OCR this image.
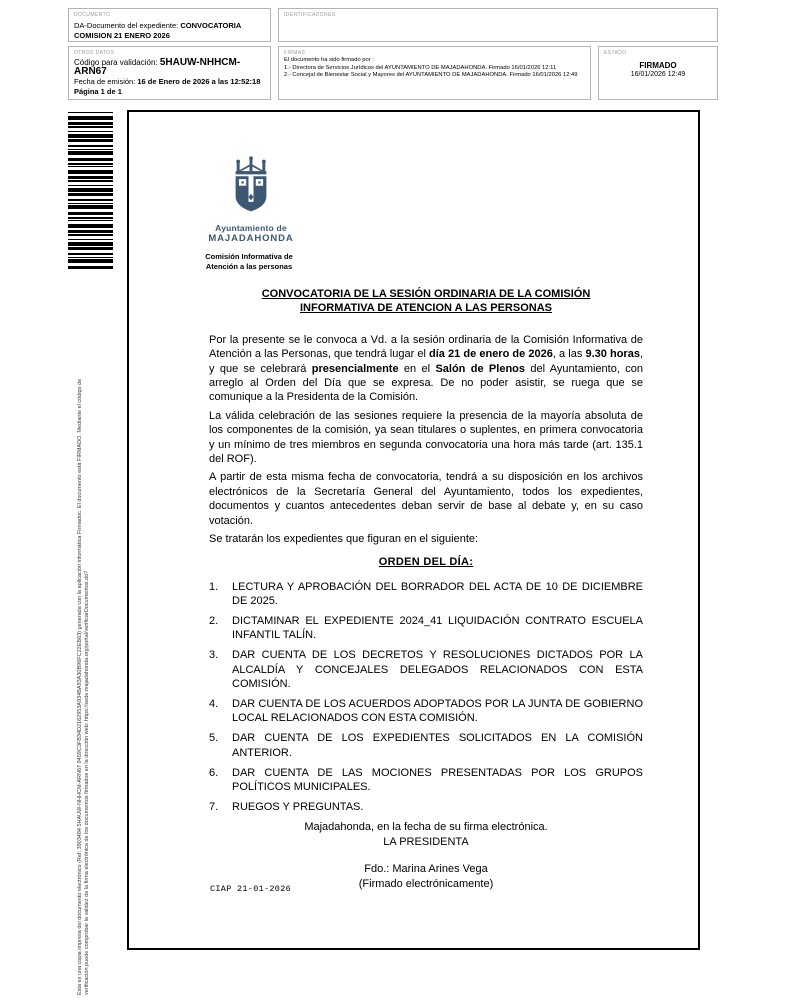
DOCUMENTO
DA-Documento del expediente: CONVOCATORIA COMISION 21 ENERO 2026
IDENTIFICADORES
OTROS DATOS
Código para validación: 5HAUW-NHHCM-ARN67
Fecha de emisión: 16 de Enero de 2026 a las 12:52:18
Página 1 de 1
FIRMAS
El documento ha sido firmado por :
1.- Directora de Servicios Jurídicos del AYUNTAMIENTO DE MAJADAHONDA. Firmado 16/01/2026 12:11
2.- Concejal de Bienestar Social y Mayores del AYUNTAMIENTO DE MAJADAHONDA. Firmado 16/01/2026 12:49
ESTADO
FIRMADO
16/01/2026 12:49
Esta es una copia impresa del documento electrónico (Ref: 3903484 5HAUW-NHHCM-ARN67 9459C3FB34D2162953A934BA93A30B96FC22EB63) generada con la aplicación informática Firmadoc. El documento está FIRMADO. Mediante el código de verificación puede comprobar la validez de la firma electrónica de los documentos firmados en la dirección web: https://sede.majadahonda.org/portal/verificarDocumentos.do?
Ayuntamiento de
MAJADAHONDA
Comisión Informativa de
Atención a las personas
CONVOCATORIA DE LA SESIÓN ORDINARIA DE LA COMISIÓN
INFORMATIVA DE ATENCION A LAS PERSONAS

Por la presente se le convoca a Vd. a la sesión ordinaria de la Comisión Informativa de Atención a las Personas, que tendrá lugar el día 21 de enero de 2026, a las 9.30 horas, y que se celebrará presencialmente en el Salón de Plenos del Ayuntamiento, con arreglo al Orden del Día que se expresa. De no poder asistir, se ruega que se comunique a la Presidenta de la Comisión.

La válida celebración de las sesiones requiere la presencia de la mayoría absoluta de los componentes de la comisión, ya sean titulares o suplentes, en primera convocatoria y un mínimo de tres miembros en segunda convocatoria una hora más tarde (art. 135.1 del ROF).

A partir de esta misma fecha de convocatoria, tendrá a su disposición en los archivos electrónicos de la Secretaría General del Ayuntamiento, todos los expedientes, documentos y cuantos antecedentes deban servir de base al debate y, en su caso votación.

Se tratarán los expedientes que figuran en el siguiente:

ORDEN DEL DÍA:
1.	LECTURA Y APROBACIÓN DEL BORRADOR DEL ACTA DE 10 DE DICIEMBRE DE 2025.
2.	DICTAMINAR EL EXPEDIENTE 2024_41 LIQUIDACIÓN CONTRATO ESCUELA INFANTIL TALÍN.
3.	DAR CUENTA DE LOS DECRETOS Y RESOLUCIONES DICTADOS POR LA ALCALDÍA Y CONCEJALES DELEGADOS RELACIONADOS CON ESTA COMISIÓN.
4.	DAR CUENTA DE LOS ACUERDOS ADOPTADOS POR LA JUNTA DE GOBIERNO LOCAL RELACIONADOS CON ESTA COMISIÓN.
5.	DAR CUENTA DE LOS EXPEDIENTES SOLICITADOS EN LA COMISIÓN ANTERIOR.
6.	DAR CUENTA DE LAS MOCIONES PRESENTADAS POR LOS GRUPOS POLÍTICOS MUNICIPALES.
7.	RUEGOS Y PREGUNTAS.
Majadahonda, en la fecha de su firma electrónica.
LA PRESIDENTA
Fdo.: Marina Arines Vega
(Firmado electrónicamente)
CIAP 21-01-2026
